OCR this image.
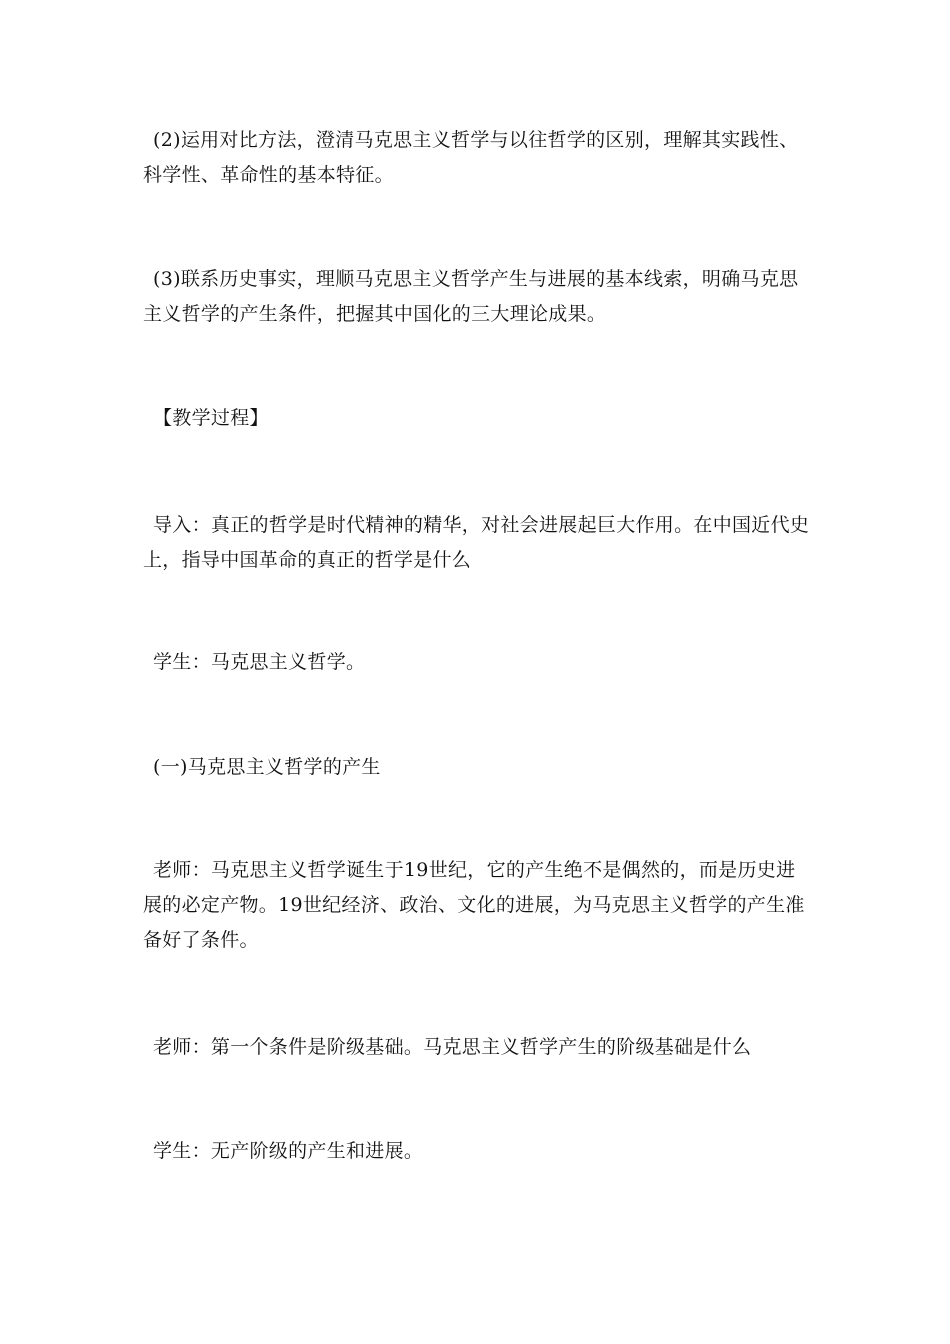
(2)运用对比方法，澄清马克思主义哲学与以往哲学的区别，理解其实践性、
科学性、革命性的基本特征。

(3)联系历史事实，理顺马克思主义哲学产生与进展的基本线索，明确马克思
主义哲学的产生条件，把握其中国化的三大理论成果。

【教学过程】

导入：真正的哲学是时代精神的精华，对社会进展起巨大作用。在中国近代史
上，指导中国革命的真正的哲学是什么

学生：马克思主义哲学。

(一)马克思主义哲学的产生

老师：马克思主义哲学诞生于19世纪，它的产生绝不是偶然的，而是历史进
展的必定产物。19世纪经济、政治、文化的进展，为马克思主义哲学的产生准
备好了条件。

老师：第一个条件是阶级基础。马克思主义哲学产生的阶级基础是什么

学生：无产阶级的产生和进展。
